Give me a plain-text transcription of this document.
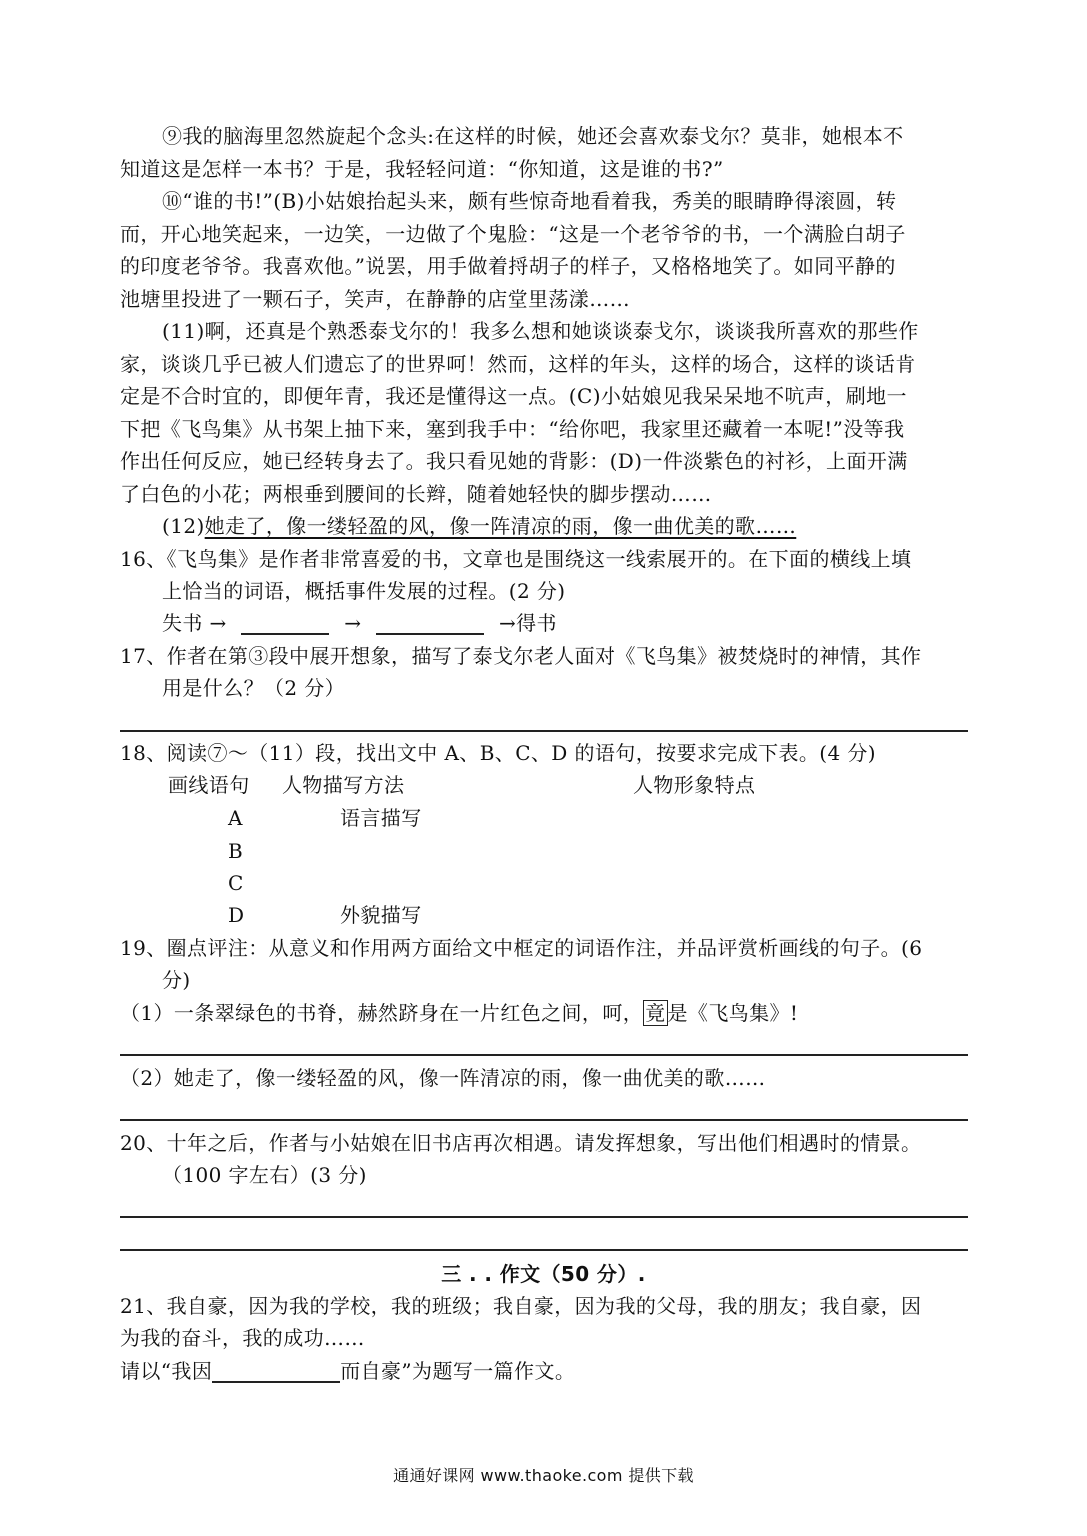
⑨我的脑海里忽然旋起个念头:在这样的时候，她还会喜欢泰戈尔？莫非，她根本不
知道这是怎样一本书？于是，我轻轻问道：“你知道，这是谁的书?”
⑩“谁的书!”(B)小姑娘抬起头来，颇有些惊奇地看着我，秀美的眼睛睁得滚圆，转
而，开心地笑起来，一边笑，一边做了个鬼脸：“这是一个老爷爷的书，一个满脸白胡子
的印度老爷爷。我喜欢他。”说罢，用手做着捋胡子的样子，又格格地笑了。如同平静的
池塘里投进了一颗石子，笑声，在静静的店堂里荡漾……
(11)啊，还真是个熟悉泰戈尔的！我多么想和她谈谈泰戈尔，谈谈我所喜欢的那些作
家，谈谈几乎已被人们遗忘了的世界呵！然而，这样的年头，这样的场合，这样的谈话肯
定是不合时宜的，即便年青，我还是懂得这一点。(C)小姑娘见我呆呆地不吭声，刷地一
下把《飞鸟集》从书架上抽下来，塞到我手中：“给你吧，我家里还藏着一本呢!”没等我
作出任何反应，她已经转身去了。我只看见她的背影：(D)一件淡紫色的衬衫，上面开满
了白色的小花；两根垂到腰间的长辫，随着她轻快的脚步摆动……
(12)她走了，像一缕轻盈的风，像一阵清凉的雨，像一曲优美的歌……
16、《飞鸟集》是作者非常喜爱的书，文章也是围绕这一线索展开的。在下面的横线上填
上恰当的词语，概括事件发展的过程。(2 分)
失书 →	→	→得书
17、作者在第③段中展开想象，描写了泰戈尔老人面对《飞鸟集》被焚烧时的神情，其作
用是什么？（2 分）
18、阅读⑦～（11）段，找出文中 A、B、C、D 的语句，按要求完成下表。(4 分)
画线语句 人物描写方法	人物形象特点
A	语言描写
B
C
D	外貌描写
19、圈点评注：从意义和作用两方面给文中框定的词语作注，并品评赏析画线的句子。(6
分)
（1）一条翠绿色的书脊，赫然跻身在一片红色之间，呵， 竟 是《飞鸟集》!
（2）她走了，像一缕轻盈的风，像一阵清凉的雨，像一曲优美的歌……
20、十年之后，作者与小姑娘在旧书店再次相遇。请发挥想象，写出他们相遇时的情景。
（100 字左右）(3 分)
三 . . 作文（50 分）.
21、我自豪，因为我的学校，我的班级；我自豪，因为我的父母，我的朋友；我自豪，因
为我的奋斗，我的成功……
请以“我因	而自豪”为题写一篇作文。
通通好课网 www.thaoke.com 提供下载
